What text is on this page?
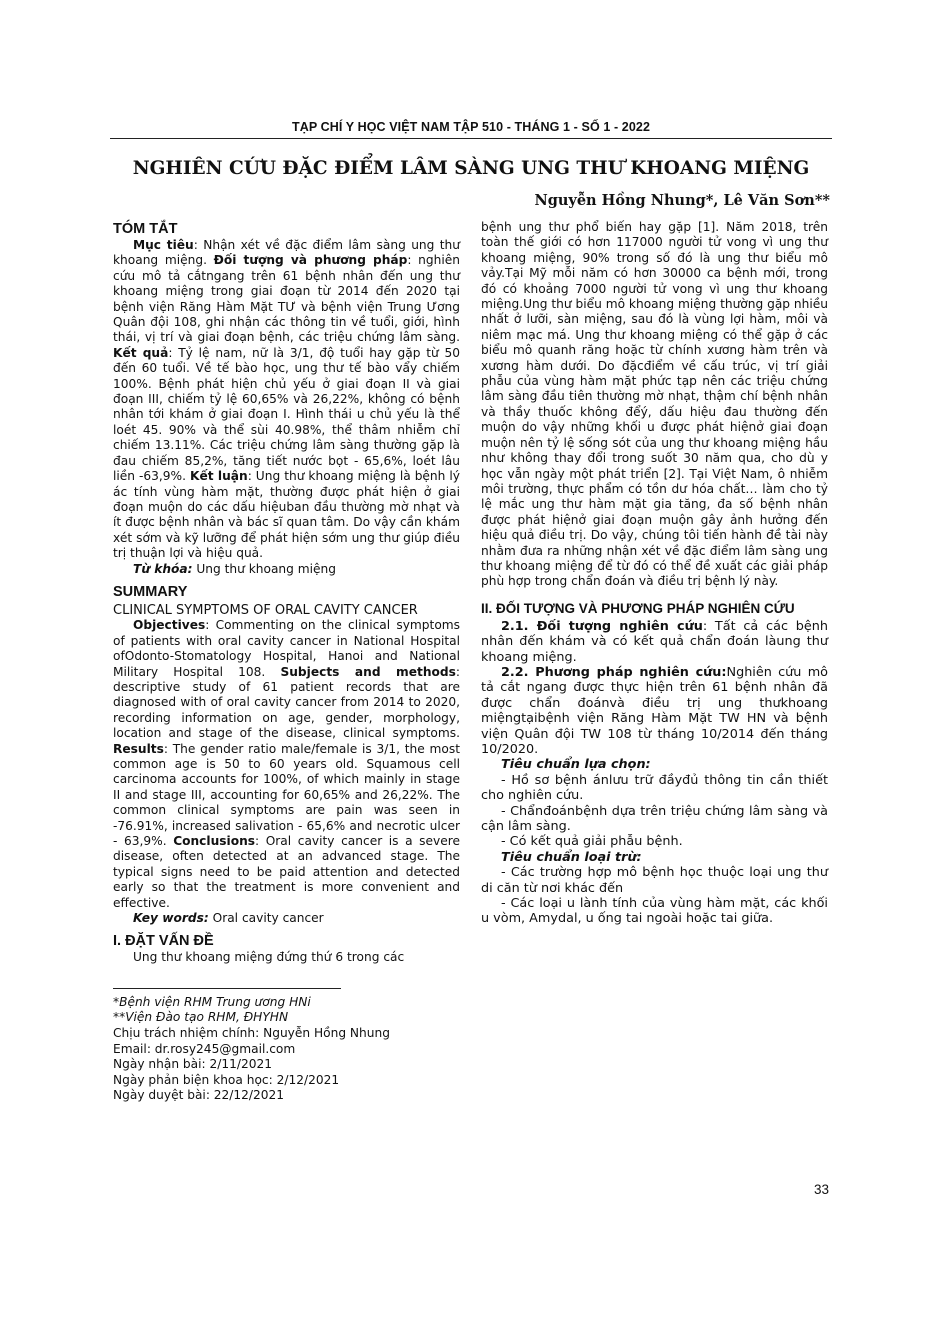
TẠP CHÍ Y HỌC VIỆT NAM TẬP 510 - THÁNG 1 - SỐ 1 - 2022
NGHIÊN CỨU ĐẶC ĐIỂM LÂM SÀNG UNG THƯ KHOANG MIỆNG
Nguyễn Hồng Nhung*, Lê Văn Sơn**
TÓM TẮT

Mục tiêu: Nhận xét về đặc điểm lâm sàng ung thư khoang miệng. Đối tượng và phương pháp: nghiên cứu mô tả cắtngang trên 61 bệnh nhân đến ung thư khoang miệng trong giai đoạn từ 2014 đến 2020 tại bệnh viện Răng Hàm Mặt TƯ và bệnh viện Trung Ương Quân đội 108, ghi nhận các thông tin về tuổi, giới, hình thái, vị trí và giai đoạn bệnh, các triệu chứng lâm sàng. Kết quả: Tỷ lệ nam, nữ là 3/1, độ tuổi hay gặp từ 50 đến 60 tuổi. Về tế bào học, ung thư tế bào vẩy chiếm 100%. Bệnh phát hiện chủ yếu ở giai đoạn II và giai đoạn III, chiếm tỷ lệ 60,65% và 26,22%, không có bệnh nhân tới khám ở giai đoạn I. Hình thái u chủ yếu là thể loét 45. 90% và thể sùi 40.98%, thể thâm nhiễm chỉ chiếm 13.11%. Các triệu chứng lâm sàng thường gặp là đau chiếm 85,2%, tăng tiết nước bọt - 65,6%, loét lâu liền -63,9%. Kết luận: Ung thư khoang miệng là bệnh lý ác tính vùng hàm mặt, thường được phát hiện ở giai đoạn muộn do các dấu hiệuban đầu thường mờ nhạt và ít được bệnh nhân và bác sĩ quan tâm. Do vậy cần khám xét sớm và kỹ lưỡng để phát hiện sớm ung thư giúp điều trị thuận lợi và hiệu quả.

Từ khóa: Ung thư khoang miệng

SUMMARY

CLINICAL SYMPTOMS OF ORAL CAVITY CANCER

Objectives: Commenting on the clinical symptoms of patients with oral cavity cancer in National Hospital ofOdonto-Stomatology Hospital, Hanoi and National Military Hospital 108. Subjects and methods: descriptive study of 61 patient records that are diagnosed with of oral cavity cancer from 2014 to 2020, recording information on age, gender, morphology, location and stage of the disease, clinical symptoms. Results: The gender ratio male/female is 3/1, the most common age is 50 to 60 years old. Squamous cell carcinoma accounts for 100%, of which mainly in stage II and stage III, accounting for 60,65% and 26,22%. The common clinical symptoms are pain was seen in -76.91%, increased salivation - 65,6% and necrotic ulcer - 63,9%. Conclusions: Oral cavity cancer is a severe disease, often detected at an advanced stage. The typical signs need to be paid attention and detected early so that the treatment is more convenient and effective.

Key words: Oral cavity cancer

I. ĐẶT VẤN ĐỀ

Ung thư khoang miệng đứng thứ 6 trong các

*Bệnh viện RHM Trung ương HNi

**Viện Đào tạo RHM, ĐHYHN

Chịu trách nhiệm chính: Nguyễn Hồng Nhung

Email: dr.rosy245@gmail.com

Ngày nhận bài: 2/11/2021

Ngày phản biện khoa học: 2/12/2021

Ngày duyệt bài: 22/12/2021

bệnh ung thư phổ biến hay gặp [1]. Năm 2018, trên toàn thế giới có hơn 117000 người tử vong vì ung thư khoang miệng, 90% trong số đó là ung thư biểu mô vảy.Tại Mỹ mỗi năm có hơn 30000 ca bệnh mới, trong đó có khoảng 7000 người tử vong vì ung thư khoang miệng.Ung thư biểu mô khoang miệng thường gặp nhiều nhất ở lưỡi, sàn miệng, sau đó là vùng lợi hàm, môi và niêm mạc má. Ung thư khoang miệng có thể gặp ở các biểu mô quanh răng hoặc từ chính xương hàm trên và xương hàm dưới. Do đặcđiểm về cấu trúc, vị trí giải phẫu của vùng hàm mặt phức tạp nên các triệu chứng lâm sàng đầu tiên thường mờ nhạt, thậm chí bệnh nhân và thầy thuốc không đểý, dấu hiệu đau thường đến muộn do vậy những khối u được phát hiệnở giai đoạn muộn nên tỷ lệ sống sót của ung thư khoang miệng hầu như không thay đổi trong suốt 30 năm qua, cho dù y học vẫn ngày một phát triển [2]. Tại Việt Nam, ô nhiễm môi trường, thực phẩm có tồn dư hóa chất… làm cho tỷ lệ mắc ung thư hàm mặt gia tăng, đa số bệnh nhân được phát hiệnở giai đoạn muộn gây ảnh hưởng đến hiệu quả điều trị. Do vậy, chúng tôi tiến hành đề tài này nhằm đưa ra những nhận xét về đặc điểm lâm sàng ung thư khoang miệng để từ đó có thể đề xuất các giải pháp phù hợp trong chẩn đoán và điều trị bệnh lý này.

II. ĐỐI TƯỢNG VÀ PHƯƠNG PHÁP NGHIÊN CỨU

2.1. Đối tượng nghiên cứu: Tất cả các bệnh nhân đến khám và có kết quả chẩn đoán làung thư khoang miệng.

2.2. Phương pháp nghiên cứu:Nghiên cứu mô tả cắt ngang được thực hiện trên 61 bệnh nhân đã được chẩn đoánvà điều trị ung thưkhoang miệngtạibệnh viện Răng Hàm Mặt TW HN và bệnh viện Quân đội TW 108 từ tháng 10/2014 đến tháng 10/2020.

Tiêu chuẩn lựa chọn:

- Hồ sơ bệnh ánlưu trữ đầyđủ thông tin cần thiết cho nghiên cứu.

- Chẩnđoánbệnh dựa trên triệu chứng lâm sàng và cận lâm sàng.

- Có kết quả giải phẫu bệnh.

Tiêu chuẩn loại trừ:

- Các trường hợp mô bệnh học thuộc loại ung thư di căn từ nơi khác đến

- Các loại u lành tính của vùng hàm mặt, các khối u vòm, Amydal, u ống tai ngoài hoặc tai giữa.

33
